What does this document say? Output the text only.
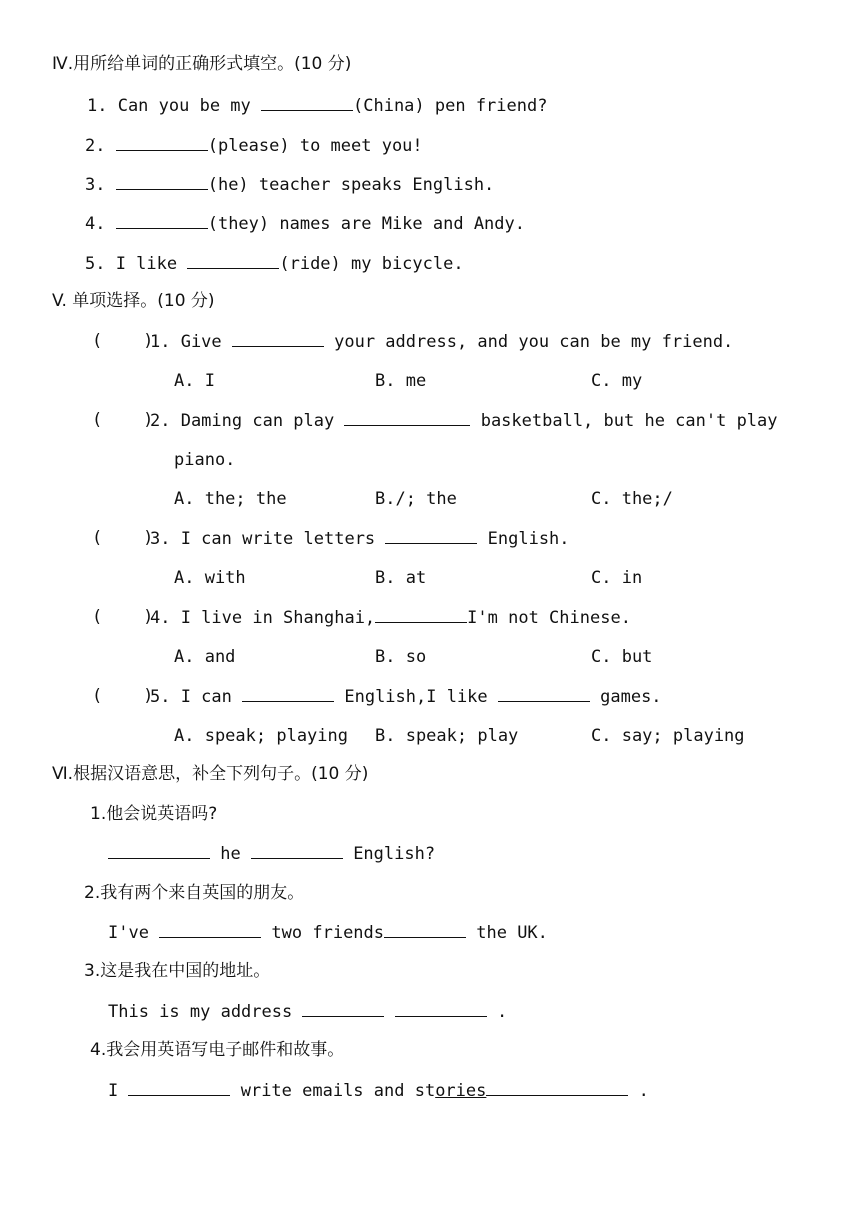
Ⅳ.用所给单词的正确形式填空。(10 分)
1. Can you be my	(China) pen friend?
2.	(please) to meet you!
3.	(he) teacher speaks English.
4.	(they) names are Mike and Andy.
5. I like	(ride) my bicycle.
V. 单项选择。(10 分)
(    )
1. Give	your address, and you can be my friend.
A. I	B. me	C. my
(    )
2. Daming can play	basketball, but he can't play
piano.
A. the; the	B./; the	C. the;/
(    )
3. I can write letters	English.
A. with	B. at	C. in
(    )
4. I live in Shanghai,	I'm not Chinese.
A. and	B. so	C. but
(    )
5. I can	English,I like	games.
A. speak; playing B. speak; play	C. say; playing
Ⅵ.根据汉语意思，补全下列句子。(10 分)
1.他会说英语吗?
he	English?
2.我有两个来自英国的朋友。
I've	two friends	the UK.
3.这是我在中国的地址。
This is my address	.
4.我会用英语写电子邮件和故事。
I	write emails and stories	.
